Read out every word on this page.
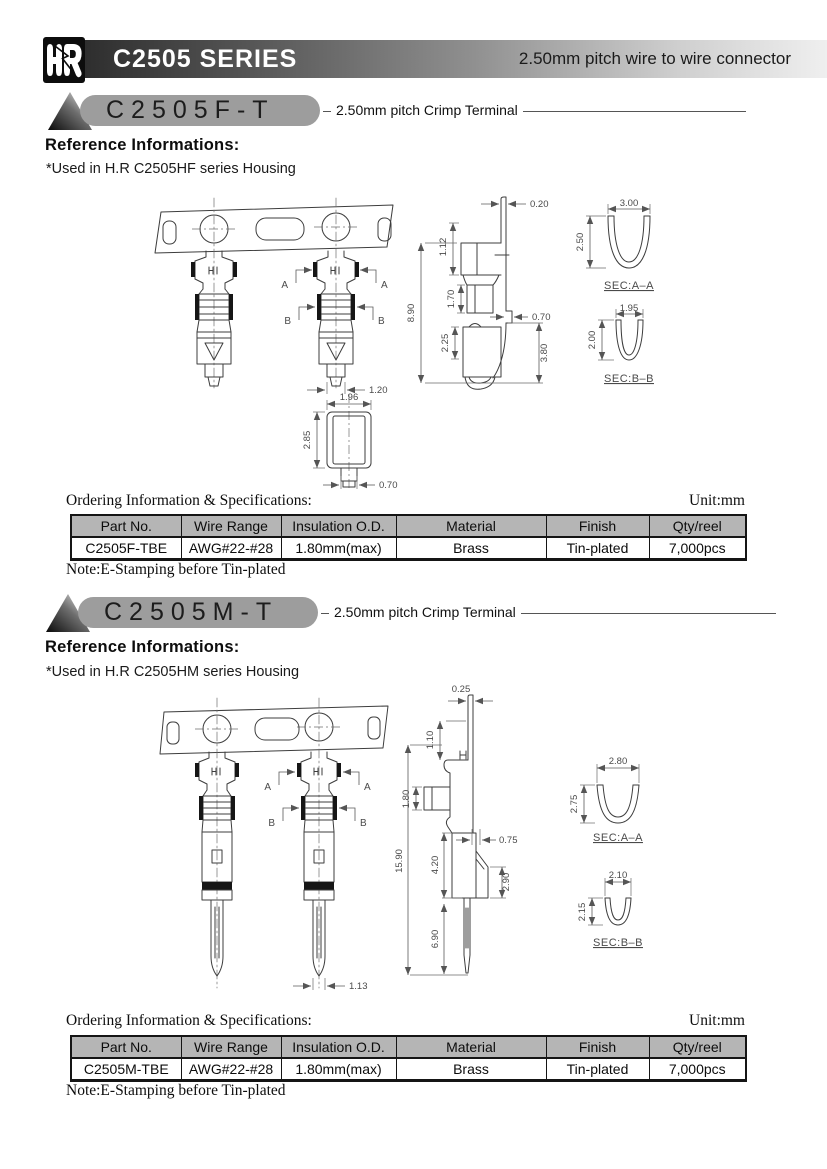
C2505 SERIES	2.50mm pitch wire to wire connector
C2505F-T	2.50mm pitch Crimp Terminal
Reference Informations:

*Used in H.R C2505HF series Housing

A	A
B	B
1.20
0.20
1.12
1.70
0.70
2.25
3.80
8.90
3.00
2.50
SEC:A–A
1.95
2.00
SEC:B–B
1.96
2.85
0.70
Ordering Information & Specifications:	Unit:mm
Part No.	Wire Range	Insulation O.D.	Material	Finish	Qty/reel
C2505F-TBE	AWG#22-#28	1.80mm(max)	Brass	Tin-plated	7,000pcs
Note:E-Stamping before Tin-plated
C2505M-T	2.50mm pitch Crimp Terminal
Reference Informations:

*Used in H.R C2505HM series Housing

A	A
B	B
1.13
0.25
1.10
1.80
15.90
0.75
4.20
2.90
6.90
2.80
2.75
SEC:A–A
2.10
2.15
SEC:B–B
Ordering Information & Specifications:	Unit:mm
Part No.	Wire Range	Insulation O.D.	Material	Finish	Qty/reel
C2505M-TBE	AWG#22-#28	1.80mm(max)	Brass	Tin-plated	7,000pcs
Note:E-Stamping before Tin-plated
